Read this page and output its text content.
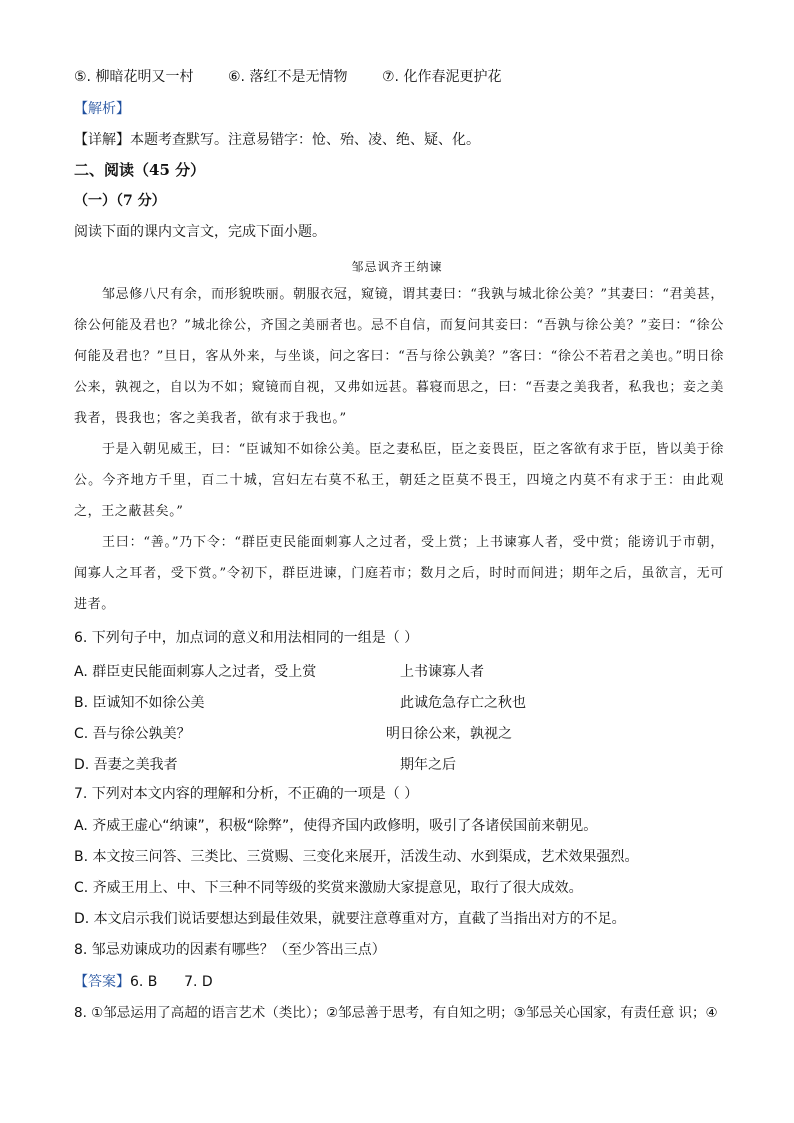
⑤. 柳暗花明又一村 ⑥. 落红不是无情物 ⑦. 化作春泥更护花
【解析】
【详解】本题考查默写。注意易错字：怆、殆、凌、绝、疑、化。
二、阅读（45 分）
（一）（7 分）
阅读下面的课内文言文，完成下面小题。
邹忌讽齐王纳谏

邹忌修八尺有余，而形貌昳丽。朝服衣冠，窥镜，谓其妻曰：“我孰与城北徐公美？”其妻曰：“君美甚，徐公何能及君也？”城北徐公，齐国之美丽者也。忌不自信，而复问其妾曰：“吾孰与徐公美？”妾曰：“徐公何能及君也？”旦日，客从外来，与坐谈，问之客曰：“吾与徐公孰美？”客曰：“徐公不若君之美也。”明日徐公来，孰视之，自以为不如；窥镜而自视，又弗如远甚。暮寝而思之，曰：“吾妻之美我者，私我也；妾之美我者，畏我也；客之美我者，欲有求于我也。”

于是入朝见威王，曰：“臣诚知不如徐公美。臣之妻私臣，臣之妾畏臣，臣之客欲有求于臣，皆以美于徐公。今齐地方千里，百二十城，宫妇左右莫不私王，朝廷之臣莫不畏王，四境之内莫不有求于王：由此观之，王之蔽甚矣。”

王曰：“善。”乃下令：“群臣吏民能面刺寡人之过者，受上赏；上书谏寡人者，受中赏；能谤讥于市朝，闻寡人之耳者，受下赏。”令初下，群臣进谏，门庭若市；数月之后，时时而间进；期年之后，虽欲言，无可进者。

6. 下列句子中，加点词的意义和用法相同的一组是（ ）
A. 群臣吏民能面刺寡人之过者，受上赏	上书谏寡人者
B. 臣诚知不如徐公美	此诚危急存亡之秋也
C. 吾与徐公孰美？	明日徐公来，孰视之
D. 吾妻之美我者	期年之后
7. 下列对本文内容的理解和分析，不正确的一项是（ ）
A. 齐威王虚心“纳谏”，积极“除弊”，使得齐国内政修明，吸引了各诸侯国前来朝见。
B. 本文按三问答、三类比、三赏赐、三变化来展开，活泼生动、水到渠成，艺术效果强烈。
C. 齐威王用上、中、下三种不同等级的奖赏来激励大家提意见，取行了很大成效。
D. 本文启示我们说话要想达到最佳效果，就要注意尊重对方，直截了当指出对方的不足。
8. 邹忌劝谏成功的因素有哪些？（至少答出三点）
【答案】6. B      7. D
8. ①邹忌运用了高超的语言艺术（类比）；②邹忌善于思考，有自知之明；③邹忌关心国家，有责任意 识；④
